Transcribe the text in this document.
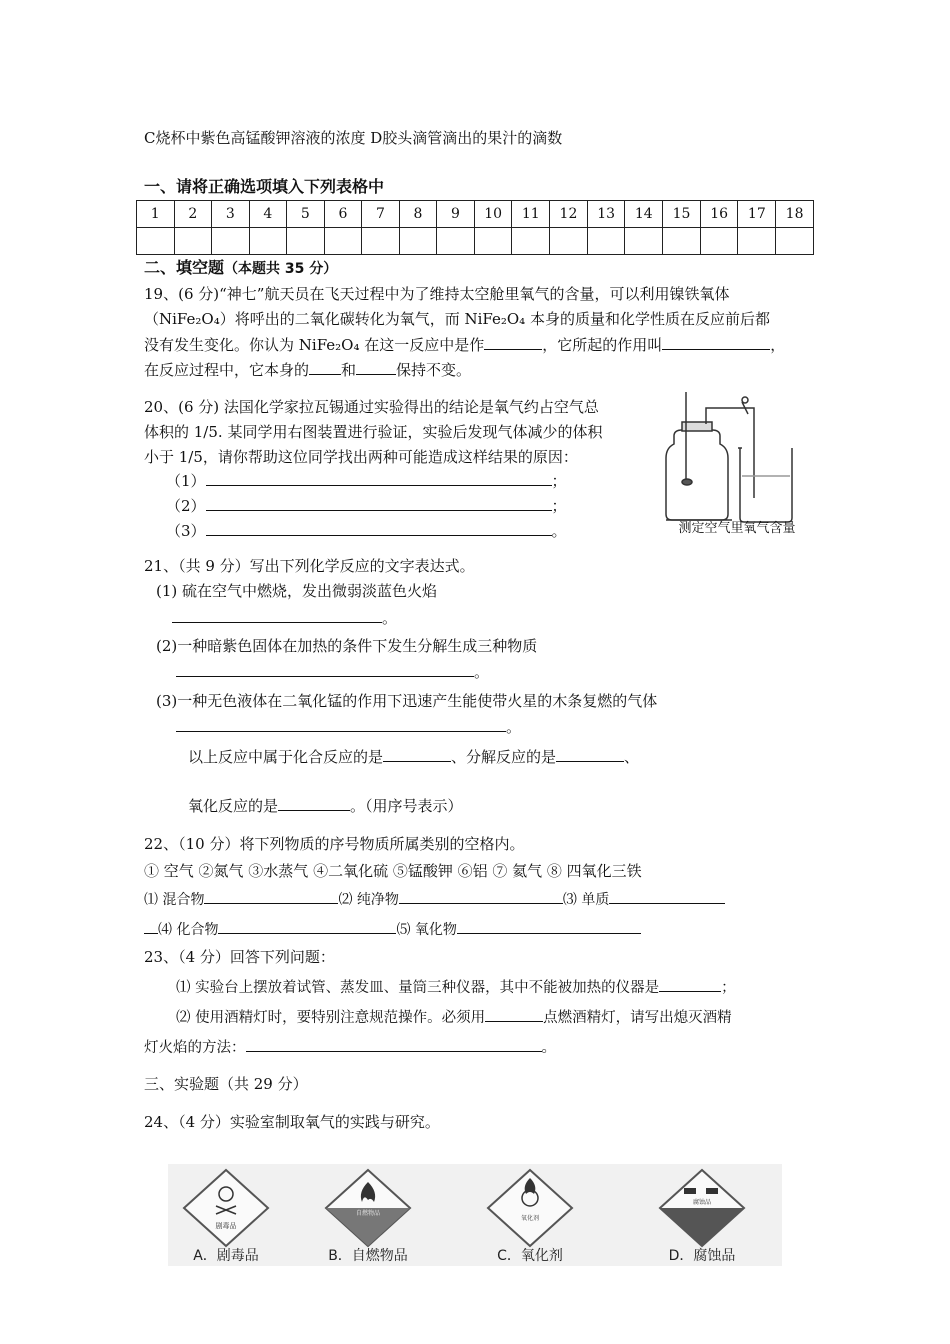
C烧杯中紫色高锰酸钾溶液的浓度 D胶头滴管滴出的果汁的滴数
一、请将正确选项填入下列表格中
1	2	3	4	5	6	7	8	9	10	11	12	13	14	15	16	17	18

二、填空题（本题共 35 分）
19、(6 分)“神七”航天员在飞天过程中为了维持太空舱里氧气的含量，可以利用镍铁氧体
（NiFe₂O₄）将呼出的二氧化碳转化为氧气，而 NiFe₂O₄ 本身的质量和化学性质在反应前后都
没有发生变化。你认为 NiFe₂O₄ 在这一反应中是作	，它所起的作用叫	，
在反应过程中，它本身的 和	保持不变。
20、(6 分) 法国化学家拉瓦锡通过实验得出的结论是氧气约占空气总
体积的 1/5. 某同学用右图装置进行验证，实验后发现气体减少的体积
小于 1/5，请你帮助这位同学找出两种可能造成这样结果的原因：
（1）	；
（2）	；
（3）	。	测定空气里氧气含量
21、（共 9 分）写出下列化学反应的文字表达式。
(1) 硫在空气中燃烧，发出微弱淡蓝色火焰
。
(2)一种暗紫色固体在加热的条件下发生分解生成三种物质
。
(3)一种无色液体在二氧化锰的作用下迅速产生能使带火星的木条复燃的气体
。
以上反应中属于化合反应的是	、分解反应的是	、
氧化反应的是	。（用序号表示）
22、（10 分）将下列物质的序号物质所属类别的空格内。
① 空气 ②氮气 ③水蒸气 ④二氧化硫 ⑤锰酸钾 ⑥铝 ⑦ 氦气 ⑧ 四氧化三铁
⑴ 混合物	⑵ 纯净物	⑶ 单质
⑷ 化合物	⑸ 氧化物
23、（4 分）回答下列问题：
⑴ 实验台上摆放着试管、蒸发皿、量筒三种仪器，其中不能被加热的仪器是	；
⑵ 使用酒精灯时，要特别注意规范操作。必须用	点燃酒精灯，请写出熄灭酒精
灯火焰的方法：	。
三、实验题（共 29 分）
24、（4 分）实验室制取氧气的实践与研究。
剧毒品
自燃物品
氧化剂
腐蚀品
A．剧毒品	B．自燃物品	C．氧化剂	D．腐蚀品
